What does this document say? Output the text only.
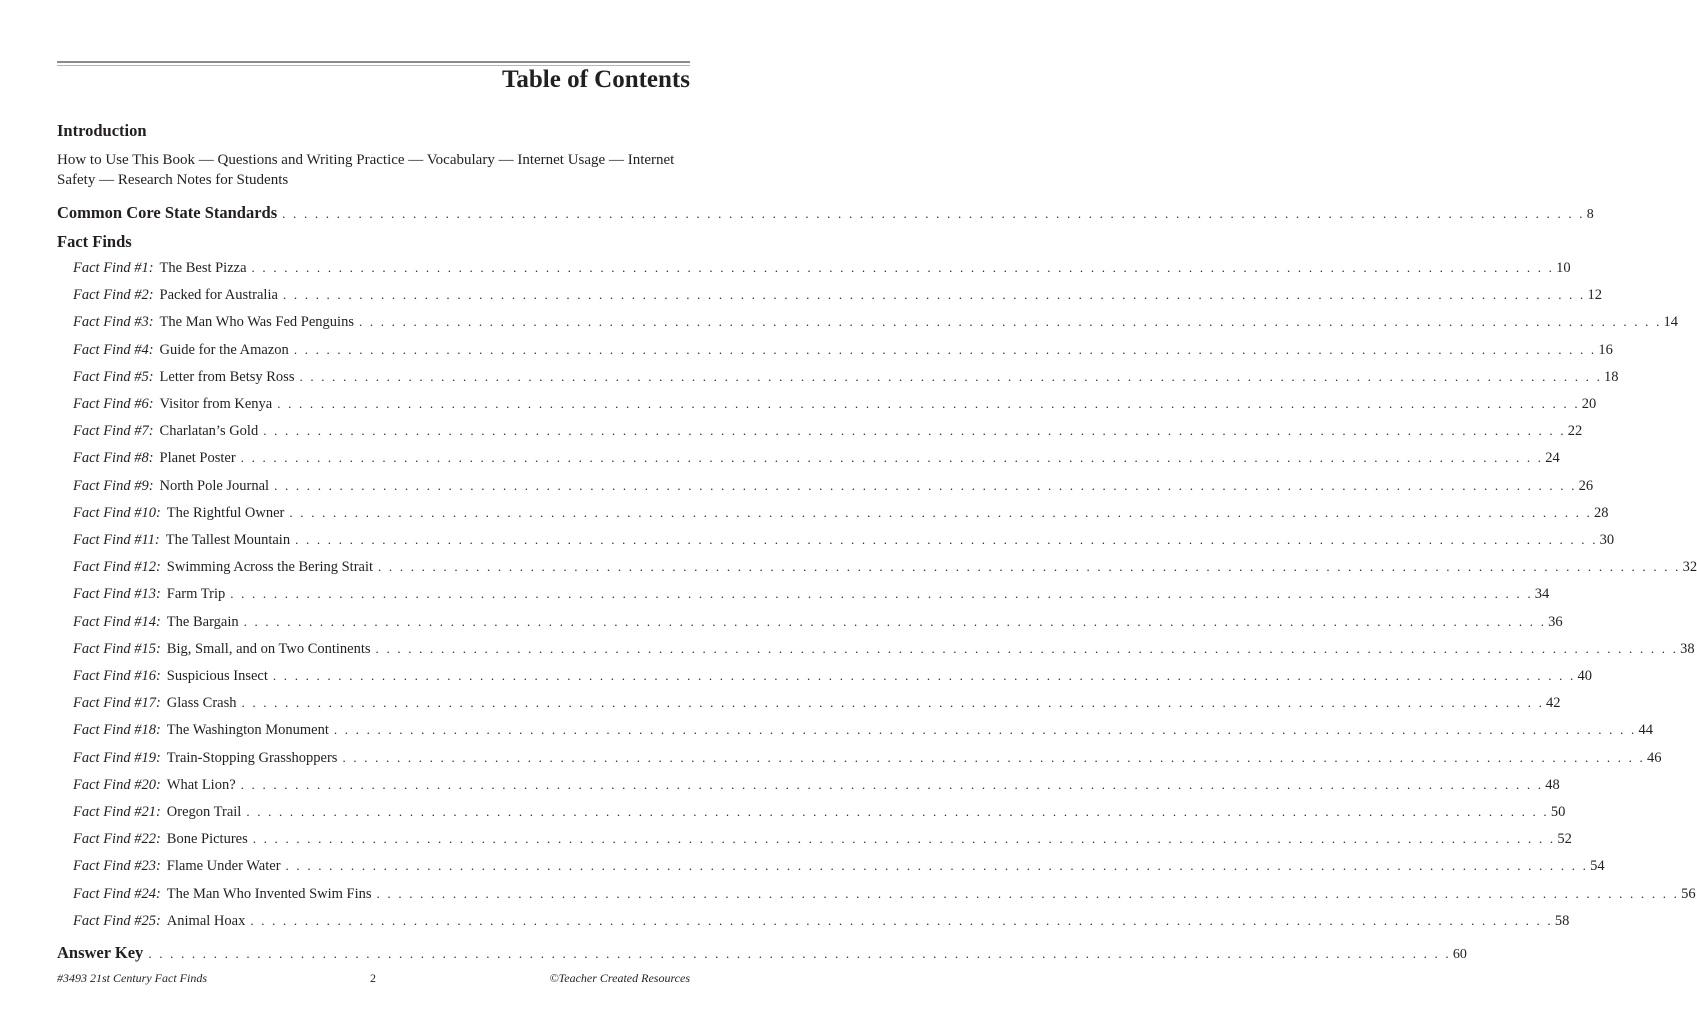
Table of Contents
Introduction

How to Use This Book — Questions and Writing Practice — Vocabulary — Internet Usage — Internet Safety — Research Notes for Students

Common Core State Standards . . . . . . . . . . . . . . . . . . . . . . . . . . . . . . . . . . . . . . . . . . . . . . . . . . . . . . . . . . . . . . . . . . . . . . . . . . . . . . . . . . . . . . . . . . . . . . . . . . . . . . . . . . . . . . . . . . . . . . . . 8
Fact Finds
Fact Find #1: The Best Pizza . . . . . . . . . . . . . . . . . . . . . . . . . . . . . . . . . . . . . . . . . . . . . . . . . . . . . . . . . . . . . . . . . . . . . . . . . . . . . . . . . . . . . . . . . . . . . . . . . . . . . . . . . . . . . . . . . . . . . . . . 10
Fact Find #2: Packed for Australia . . . . . . . . . . . . . . . . . . . . . . . . . . . . . . . . . . . . . . . . . . . . . . . . . . . . . . . . . . . . . . . . . . . . . . . . . . . . . . . . . . . . . . . . . . . . . . . . . . . . . . . . . . . . . . . . . . . . . . . . 12
Fact Find #3: The Man Who Was Fed Penguins . . . . . . . . . . . . . . . . . . . . . . . . . . . . . . . . . . . . . . . . . . . . . . . . . . . . . . . . . . . . . . . . . . . . . . . . . . . . . . . . . . . . . . . . . . . . . . . . . . . . . . . . . . . . . . . . . . . . . . . . 14
Fact Find #4: Guide for the Amazon . . . . . . . . . . . . . . . . . . . . . . . . . . . . . . . . . . . . . . . . . . . . . . . . . . . . . . . . . . . . . . . . . . . . . . . . . . . . . . . . . . . . . . . . . . . . . . . . . . . . . . . . . . . . . . . . . . . . . . . . 16
Fact Find #5: Letter from Betsy Ross . . . . . . . . . . . . . . . . . . . . . . . . . . . . . . . . . . . . . . . . . . . . . . . . . . . . . . . . . . . . . . . . . . . . . . . . . . . . . . . . . . . . . . . . . . . . . . . . . . . . . . . . . . . . . . . . . . . . . . . . 18
Fact Find #6: Visitor from Kenya . . . . . . . . . . . . . . . . . . . . . . . . . . . . . . . . . . . . . . . . . . . . . . . . . . . . . . . . . . . . . . . . . . . . . . . . . . . . . . . . . . . . . . . . . . . . . . . . . . . . . . . . . . . . . . . . . . . . . . . . 20
Fact Find #7: Charlatan’s Gold . . . . . . . . . . . . . . . . . . . . . . . . . . . . . . . . . . . . . . . . . . . . . . . . . . . . . . . . . . . . . . . . . . . . . . . . . . . . . . . . . . . . . . . . . . . . . . . . . . . . . . . . . . . . . . . . . . . . . . . . 22
Fact Find #8: Planet Poster . . . . . . . . . . . . . . . . . . . . . . . . . . . . . . . . . . . . . . . . . . . . . . . . . . . . . . . . . . . . . . . . . . . . . . . . . . . . . . . . . . . . . . . . . . . . . . . . . . . . . . . . . . . . . . . . . . . . . . . . 24
Fact Find #9: North Pole Journal . . . . . . . . . . . . . . . . . . . . . . . . . . . . . . . . . . . . . . . . . . . . . . . . . . . . . . . . . . . . . . . . . . . . . . . . . . . . . . . . . . . . . . . . . . . . . . . . . . . . . . . . . . . . . . . . . . . . . . . . 26
Fact Find #10: The Rightful Owner . . . . . . . . . . . . . . . . . . . . . . . . . . . . . . . . . . . . . . . . . . . . . . . . . . . . . . . . . . . . . . . . . . . . . . . . . . . . . . . . . . . . . . . . . . . . . . . . . . . . . . . . . . . . . . . . . . . . . . . . 28
Fact Find #11: The Tallest Mountain . . . . . . . . . . . . . . . . . . . . . . . . . . . . . . . . . . . . . . . . . . . . . . . . . . . . . . . . . . . . . . . . . . . . . . . . . . . . . . . . . . . . . . . . . . . . . . . . . . . . . . . . . . . . . . . . . . . . . . . . 30
Fact Find #12: Swimming Across the Bering Strait . . . . . . . . . . . . . . . . . . . . . . . . . . . . . . . . . . . . . . . . . . . . . . . . . . . . . . . . . . . . . . . . . . . . . . . . . . . . . . . . . . . . . . . . . . . . . . . . . . . . . . . . . . . . . . . . . . . . . . . . 32
Fact Find #13: Farm Trip . . . . . . . . . . . . . . . . . . . . . . . . . . . . . . . . . . . . . . . . . . . . . . . . . . . . . . . . . . . . . . . . . . . . . . . . . . . . . . . . . . . . . . . . . . . . . . . . . . . . . . . . . . . . . . . . . . . . . . . . 34
Fact Find #14: The Bargain . . . . . . . . . . . . . . . . . . . . . . . . . . . . . . . . . . . . . . . . . . . . . . . . . . . . . . . . . . . . . . . . . . . . . . . . . . . . . . . . . . . . . . . . . . . . . . . . . . . . . . . . . . . . . . . . . . . . . . . . 36
Fact Find #15: Big, Small, and on Two Continents . . . . . . . . . . . . . . . . . . . . . . . . . . . . . . . . . . . . . . . . . . . . . . . . . . . . . . . . . . . . . . . . . . . . . . . . . . . . . . . . . . . . . . . . . . . . . . . . . . . . . . . . . . . . . . . . . . . . . . . . 38
Fact Find #16: Suspicious Insect . . . . . . . . . . . . . . . . . . . . . . . . . . . . . . . . . . . . . . . . . . . . . . . . . . . . . . . . . . . . . . . . . . . . . . . . . . . . . . . . . . . . . . . . . . . . . . . . . . . . . . . . . . . . . . . . . . . . . . . . 40
Fact Find #17: Glass Crash . . . . . . . . . . . . . . . . . . . . . . . . . . . . . . . . . . . . . . . . . . . . . . . . . . . . . . . . . . . . . . . . . . . . . . . . . . . . . . . . . . . . . . . . . . . . . . . . . . . . . . . . . . . . . . . . . . . . . . . . 42
Fact Find #18: The Washington Monument . . . . . . . . . . . . . . . . . . . . . . . . . . . . . . . . . . . . . . . . . . . . . . . . . . . . . . . . . . . . . . . . . . . . . . . . . . . . . . . . . . . . . . . . . . . . . . . . . . . . . . . . . . . . . . . . . . . . . . . . 44
Fact Find #19: Train-Stopping Grasshoppers . . . . . . . . . . . . . . . . . . . . . . . . . . . . . . . . . . . . . . . . . . . . . . . . . . . . . . . . . . . . . . . . . . . . . . . . . . . . . . . . . . . . . . . . . . . . . . . . . . . . . . . . . . . . . . . . . . . . . . . . 46
Fact Find #20: What Lion? . . . . . . . . . . . . . . . . . . . . . . . . . . . . . . . . . . . . . . . . . . . . . . . . . . . . . . . . . . . . . . . . . . . . . . . . . . . . . . . . . . . . . . . . . . . . . . . . . . . . . . . . . . . . . . . . . . . . . . . . 48
Fact Find #21: Oregon Trail . . . . . . . . . . . . . . . . . . . . . . . . . . . . . . . . . . . . . . . . . . . . . . . . . . . . . . . . . . . . . . . . . . . . . . . . . . . . . . . . . . . . . . . . . . . . . . . . . . . . . . . . . . . . . . . . . . . . . . . . 50
Fact Find #22: Bone Pictures . . . . . . . . . . . . . . . . . . . . . . . . . . . . . . . . . . . . . . . . . . . . . . . . . . . . . . . . . . . . . . . . . . . . . . . . . . . . . . . . . . . . . . . . . . . . . . . . . . . . . . . . . . . . . . . . . . . . . . . . 52
Fact Find #23: Flame Under Water . . . . . . . . . . . . . . . . . . . . . . . . . . . . . . . . . . . . . . . . . . . . . . . . . . . . . . . . . . . . . . . . . . . . . . . . . . . . . . . . . . . . . . . . . . . . . . . . . . . . . . . . . . . . . . . . . . . . . . . . 54
Fact Find #24: The Man Who Invented Swim Fins . . . . . . . . . . . . . . . . . . . . . . . . . . . . . . . . . . . . . . . . . . . . . . . . . . . . . . . . . . . . . . . . . . . . . . . . . . . . . . . . . . . . . . . . . . . . . . . . . . . . . . . . . . . . . . . . . . . . . . . . 56
Fact Find #25: Animal Hoax . . . . . . . . . . . . . . . . . . . . . . . . . . . . . . . . . . . . . . . . . . . . . . . . . . . . . . . . . . . . . . . . . . . . . . . . . . . . . . . . . . . . . . . . . . . . . . . . . . . . . . . . . . . . . . . . . . . . . . . . 58
Answer Key . . . . . . . . . . . . . . . . . . . . . . . . . . . . . . . . . . . . . . . . . . . . . . . . . . . . . . . . . . . . . . . . . . . . . . . . . . . . . . . . . . . . . . . . . . . . . . . . . . . . . . . . . . . . . . . . . . . . . . . . 60
#3493 21st Century Fact Finds	2	©Teacher Created Resources
